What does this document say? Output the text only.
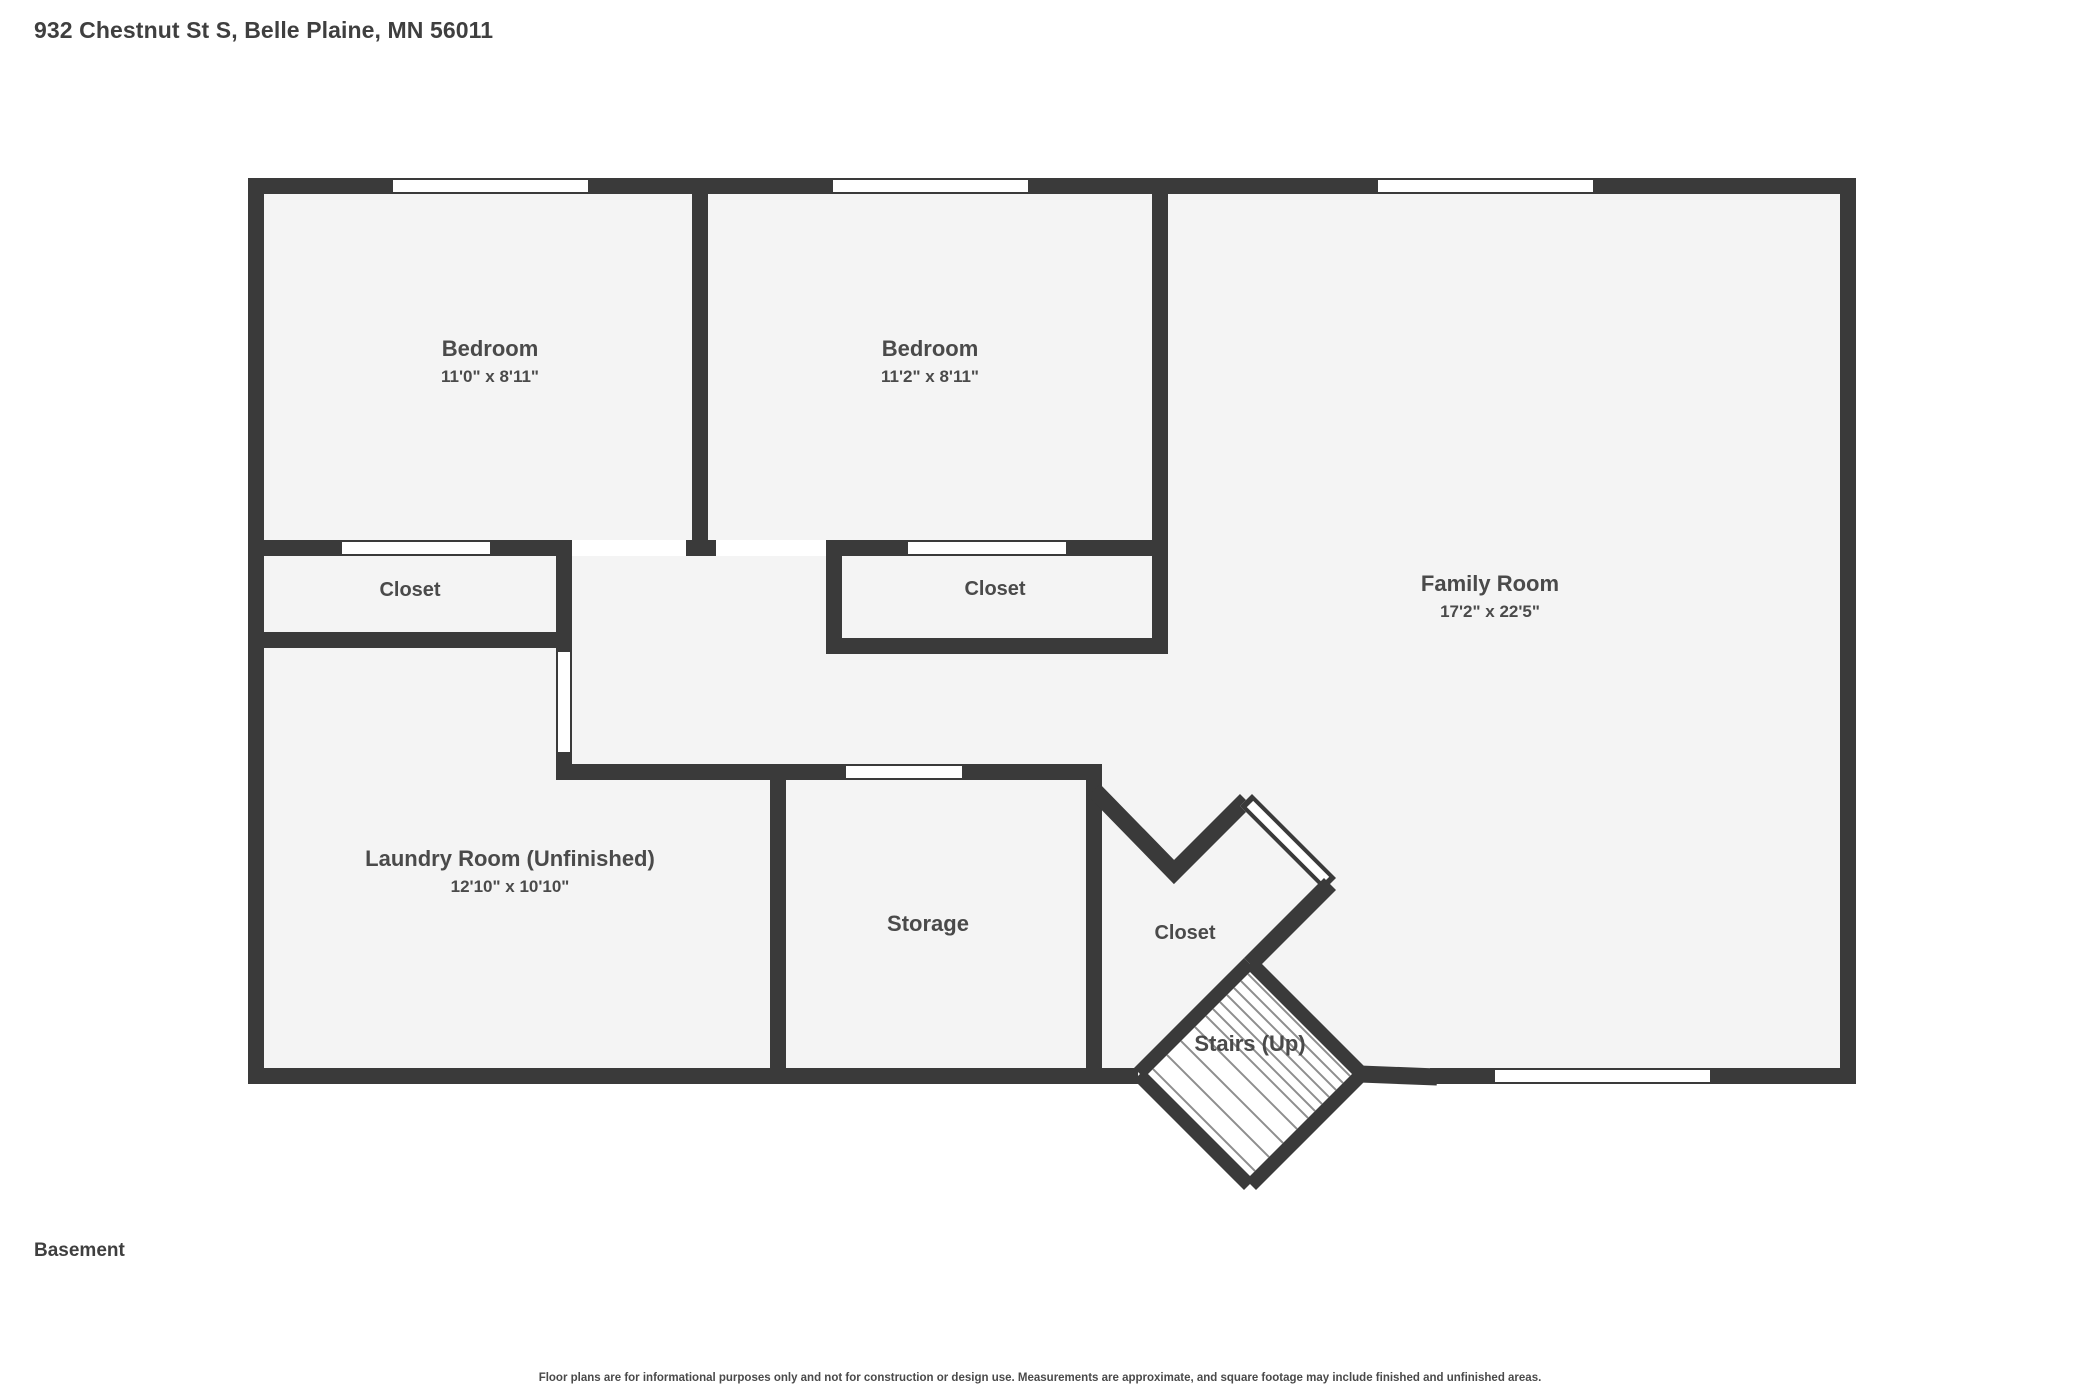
932 Chestnut St S, Belle Plaine, MN 56011
Bedroom
11'0" x 8'11"
Bedroom
11'2" x 8'11"
Family Room
17'2" x 22'5"
Closet	Closet
Closet
Laundry Room (Unfinished)
12'10" x 10'10"
Storage
Stairs (Up)
Basement
Floor plans are for informational purposes only and not for construction or design use. Measurements are approximate, and square footage may include finished and unfinished areas.
